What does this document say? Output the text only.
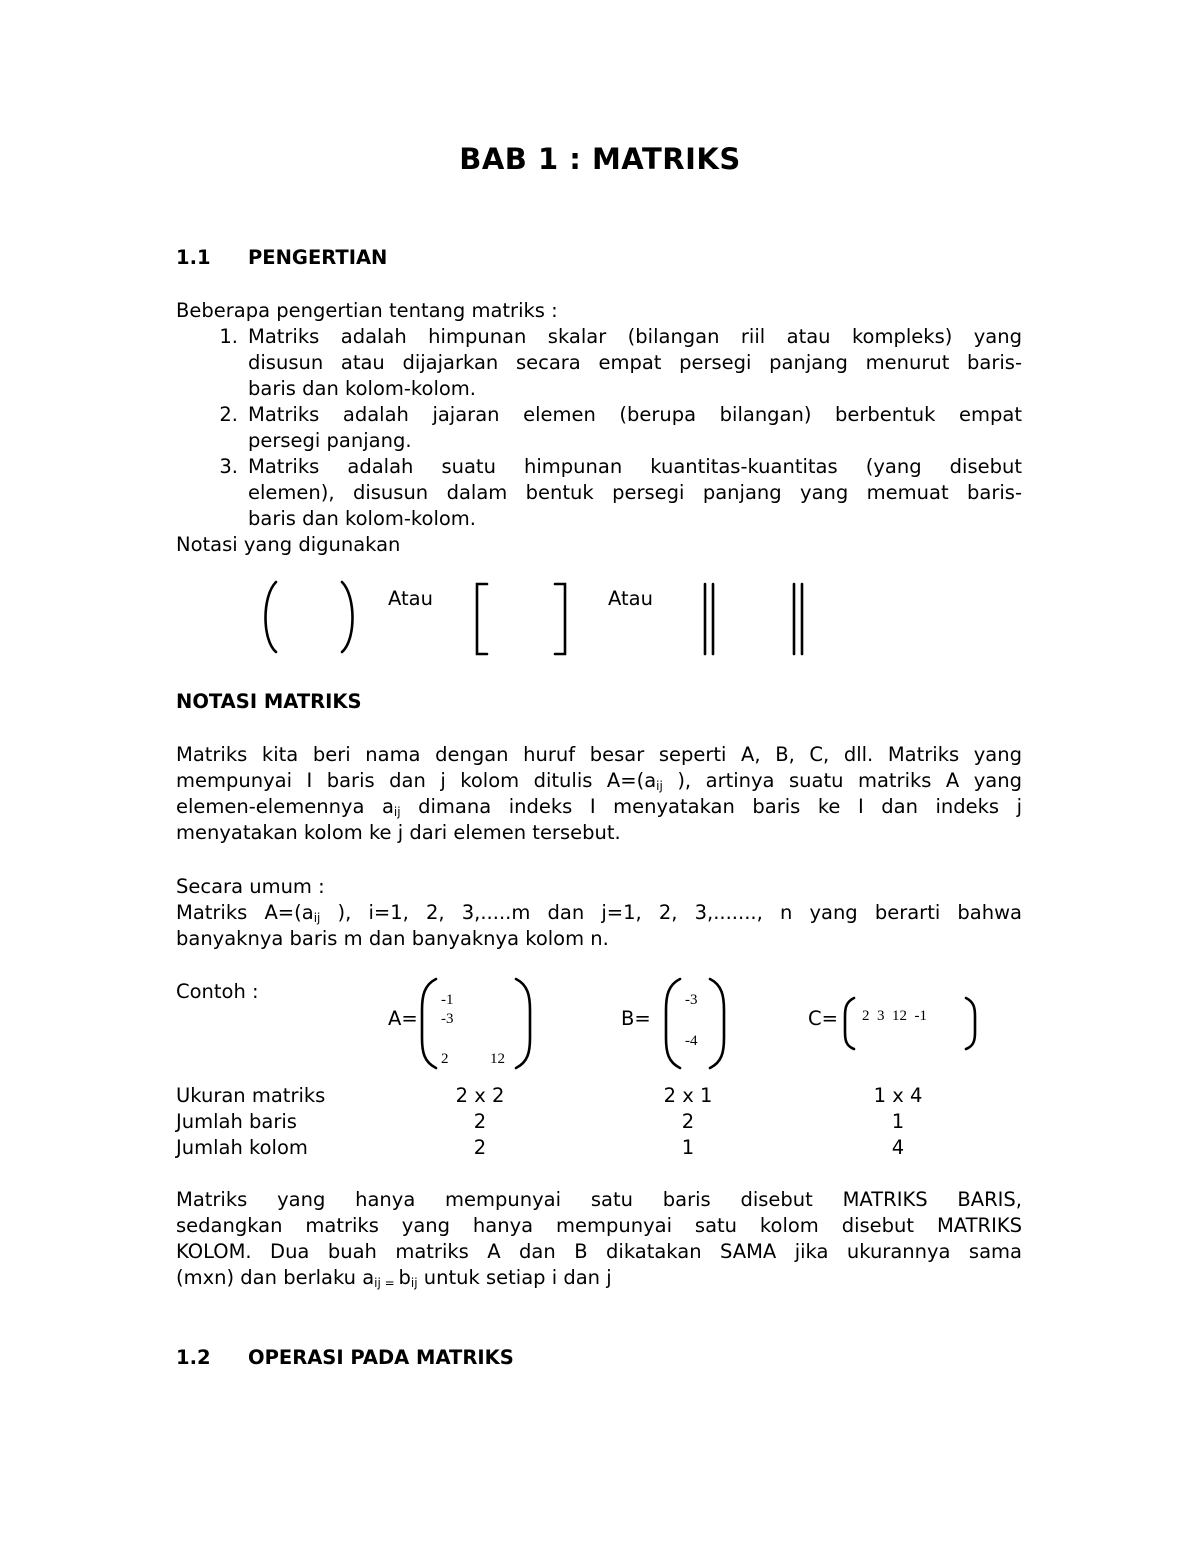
BAB 1 : MATRIKS
1.1 PENGERTIAN
Beberapa pengertian tentang matriks :
1. Matriks adalah himpunan skalar (bilangan riil atau kompleks) yang
disusun atau dijajarkan secara empat persegi panjang menurut baris-
baris dan kolom-kolom.
2. Matriks adalah jajaran elemen (berupa bilangan) berbentuk empat
persegi panjang.
3. Matriks adalah suatu himpunan kuantitas-kuantitas (yang disebut
elemen), disusun dalam bentuk persegi panjang yang memuat baris-
baris dan kolom-kolom.
Notasi yang digunakan
Atau	Atau
NOTASI MATRIKS
Matriks kita beri nama dengan huruf besar seperti A, B, C, dll. Matriks yang
mempunyai I baris dan j kolom ditulis $A=(a_{ij}$ ), artinya suatu matriks A yang
elemen-elemennya $a_{ij}$ dimana indeks I menyatakan baris ke I dan indeks j
menyatakan kolom ke j dari elemen tersebut.
Secara umum :
Matriks $A=(a_{ij}$ ), i=1, 2, 3,.....m dan j=1, 2, 3,......., n yang berarti bahwa
banyaknya baris m dan banyaknya kolom n.
Contoh :
A=
-1
-3
2	12
B=
-3
-4
C= 2  3  12  -1
Ukuran matriks	2 x 2	2 x 1	1 x 4
Jumlah baris	2	2	1
Jumlah kolom	2	1	4
Matriks yang hanya mempunyai satu baris disebut MATRIKS BARIS,
sedangkan matriks yang hanya mempunyai satu kolom disebut MATRIKS
KOLOM. Dua buah matriks A dan B dikatakan SAMA jika ukurannya sama
(mxn) dan berlaku $a_{ij}$ $_=$ $b_{ij}$ untuk setiap i dan j
1.2 OPERASI PADA MATRIKS
